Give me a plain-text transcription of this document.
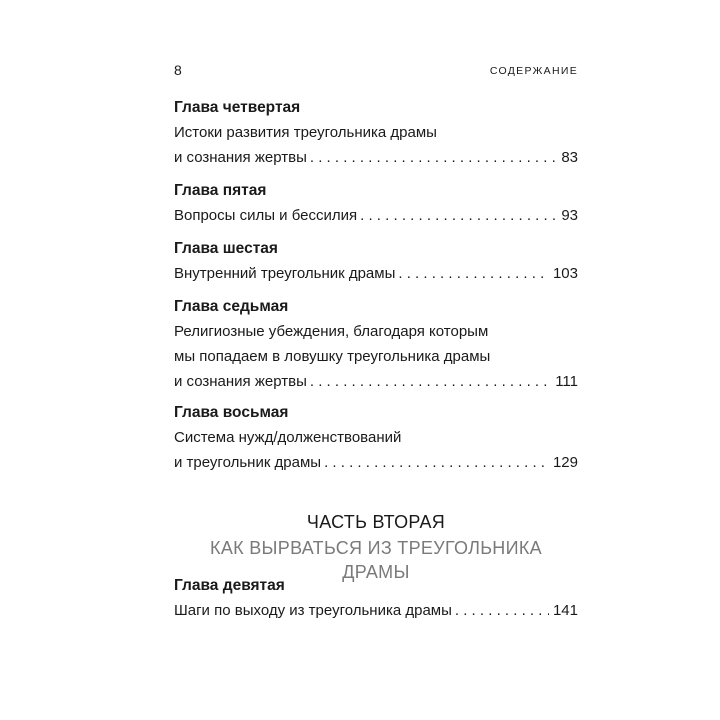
8	СОДЕРЖАНИЕ
Глава четвертая
Истоки развития треугольника драмы
и сознания жертвы . . .	83
Глава пятая
Вопросы силы и бессилия . . .	93
Глава шестая
Внутренний треугольник драмы . . .	103
Глава седьмая
Религиозные убеждения, благодаря которым
мы попадаем в ловушку треугольника драмы
и сознания жертвы . . .	111
Глава восьмая
Система нужд/долженствований
и треугольник драмы . . .	129
ЧАСТЬ ВТОРАЯ
КАК ВЫРВАТЬСЯ ИЗ ТРЕУГОЛЬНИКА ДРАМЫ
Глава девятая
Шаги по выходу из треугольника драмы . . .	141
